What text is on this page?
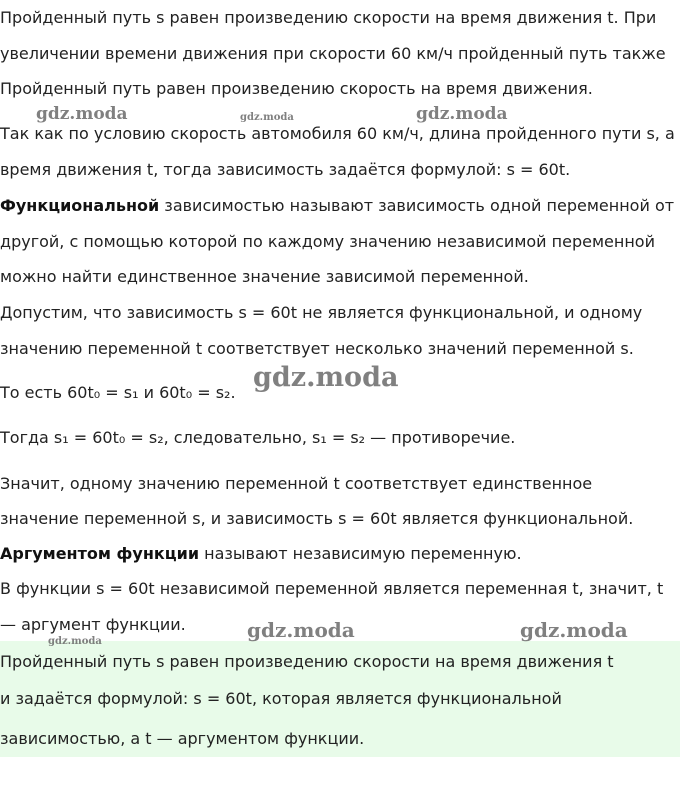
Пройденный путь s равен произведению скорости на время движения t. При
увеличении времени движения при скорости 60 км/ч пройденный путь также
Пройденный путь равен произведению скорость на время движения.
Так как по условию скорость автомобиля 60 км/ч, длина пройденного пути s, а
время движения t, тогда зависимость задаётся формулой: s = 60t.
Функциональной зависимостью называют зависимость одной переменной от
другой, с помощью которой по каждому значению независимой переменной
можно найти единственное значение зависимой переменной.
Допустим, что зависимость s = 60t не является функциональной, и одному
значению переменной t соответствует несколько значений переменной s.
То есть 60t₀ = s₁ и 60t₀ = s₂.
Тогда s₁ = 60t₀ = s₂, следовательно, s₁ = s₂ — противоречие.
Значит, одному значению переменной t соответствует единственное
значение переменной s, и зависимость s = 60t является функциональной.
Аргументом функции называют независимую переменную.
В функции s = 60t независимой переменной является переменная t, значит, t
— аргумент функции.
Пройденный путь s равен произведению скорости на время движения t
и задаётся формулой: s = 60t, которая является функциональной
зависимостью, а t — аргументом функции.
gdz.moda	gdz.moda	gdz.moda
gdz.moda
gdz.moda	gdz.moda
gdz.moda
